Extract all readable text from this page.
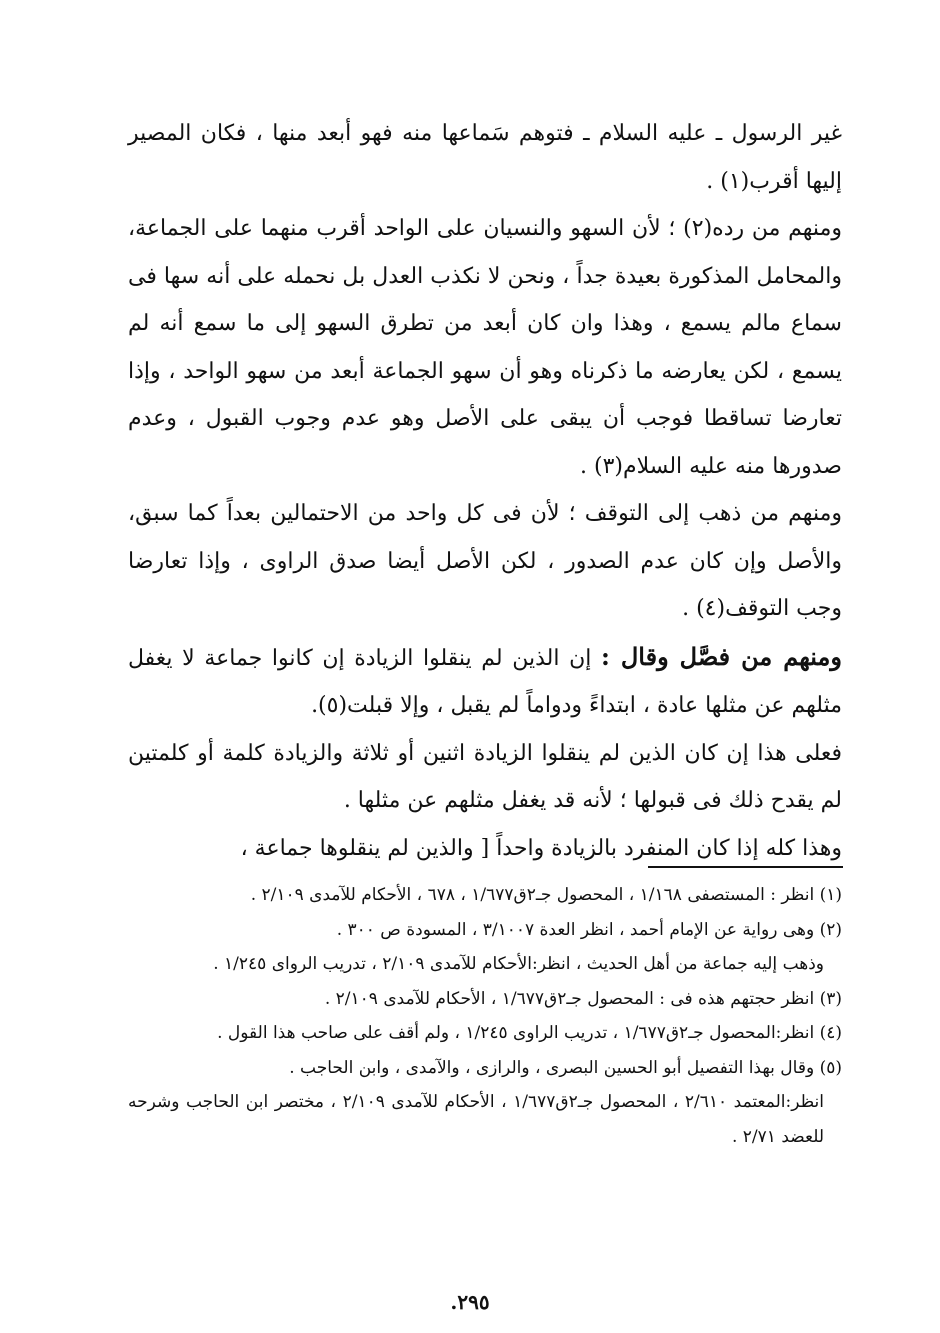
غير الرسول ـ عليه السلام ـ فتوهم سَماعها منه فهو أبعد منها ، فكان المصير إليها أقرب(١) .

ومنهم من رده(٢) ؛ لأن السهو والنسيان على الواحد أقرب منهما على الجماعة، والمحامل المذكورة بعيدة جداً ، ونحن لا نكذب العدل بل نحمله على أنه سها فى سماع مالم يسمع ، وهذا وان كان أبعد من تطرق السهو إلى ما سمع أنه لم يسمع ، لكن يعارضه ما ذكرناه وهو أن سهو الجماعة أبعد من سهو الواحد ، وإذا تعارضا تساقطا فوجب أن يبقى على الأصل وهو عدم وجوب القبول ، وعدم صدورها منه عليه السلام(٣) .

ومنهم من ذهب إلى التوقف ؛ لأن فى كل واحد من الاحتمالين بعداً كما سبق، والأصل وإن كان عدم الصدور ، لكن الأصل أيضا صدق الراوى ، وإذا تعارضا وجب التوقف(٤) .

ومنهم من فصَّل وقال : إن الذين لم ينقلوا الزيادة إن كانوا جماعة لا يغفل مثلهم عن مثلها عادة ، ابتداءً ودواماً لم يقبل ، وإلا قبلت(٥).

فعلى هذا إن كان الذين لم ينقلوا الزيادة اثنين أو ثلاثة والزيادة كلمة أو كلمتين لم يقدح ذلك فى قبولها ؛ لأنه قد يغفل مثلهم عن مثلها .

وهذا كله إذا كان المنفرد بالزيادة واحداً [ والذين لم ينقلوها جماعة ،

(١) انظر : المستصفى ١/١٦٨ ، المحصول جـ٢ق١/٦٧٧ ، ٦٧٨ ، الأحكام للآمدى ٢/١٠٩ .

(٢) وهى رواية عن الإمام أحمد ، انظر العدة ٣/١٠٠٧ ، المسودة ص ٣٠٠ .

وذهب إليه جماعة من أهل الحديث ، انظر:الأحكام للآمدى ٢/١٠٩ ، تدريب الروای ١/٢٤٥ .

(٣) انظر حجتهم هذه فى : المحصول جـ٢ق١/٦٧٧ ، الأحكام للآمدى ٢/١٠٩ .

(٤) انظر:المحصول جـ٢ق١/٦٧٧ ، تدريب الراوى ١/٢٤٥ ، ولم أقف على صاحب هذا القول .

(٥) وقال بهذا التفصيل أبو الحسين البصرى ، والرازى ، والآمدى ، وابن الحاجب .

انظر:المعتمد ٢/٦١٠ ، المحصول جـ٢ق١/٦٧٧ ، الأحكام للآمدى ٢/١٠٩ ، مختصر ابن الحاجب وشرحه للعضد ٢/٧١ .

٢٩٥.
